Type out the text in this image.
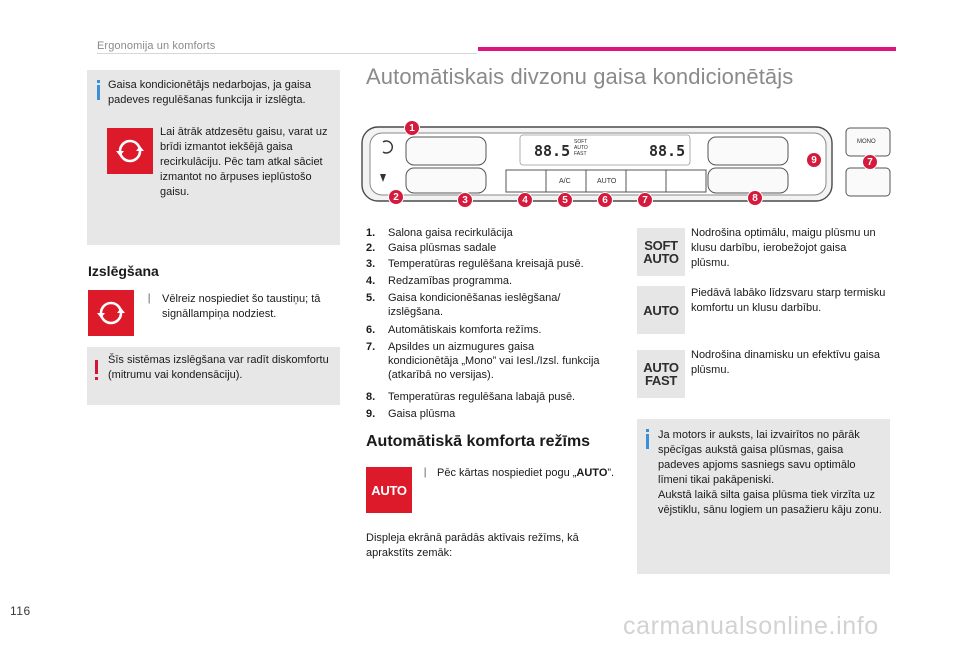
Ergonomija un komforts
Gaisa kondicionētājs nedarbojas, ja gaisa padeves regulēšanas funkcija ir izslēgta.
Lai ātrāk atdzesētu gaisu, varat uz brīdi izmantot iekšējā gaisa recirkulāciju. Pēc tam atkal sāciet izmantot no ārpuses ieplūstošo gaisu.
Izslēgšana
❘ Vēlreiz nospiediet šo taustiņu; tā signāllampiņa nodziest.
Šīs sistēmas izslēgšana var radīt diskomfortu (mitrumu vai kondensāciju).
Automātiskais divzonu gaisa kondicionētājs
88.5 SOFT
AUTO
FAST	88.5
A/C	AUTO
MONO
1
2	3	4	5	6	7	8
9	7
1.	Salona gaisa recirkulācija
2.	Gaisa plūsmas sadale
3.	Temperatūras regulēšana kreisajā pusē.
4.	Redzamības programma.
5.	Gaisa kondicionēšanas ieslēgšana/ izslēgšana.
6.	Automātiskais komforta režīms.
7.	Apsildes un aizmugures gaisa kondicionētāja „Mono” vai Iesl./Izsl. funkcija (atkarībā no versijas).
8.	Temperatūras regulēšana labajā pusē.
9.	Gaisa plūsma
Automātiskā komforta režīms
AUTO
❘ Pēc kārtas nospiediet pogu „AUTO”.
Displeja ekrānā parādās aktīvais režīms, kā aprakstīts zemāk:
SOFT
AUTO
Nodrošina optimālu, maigu plūsmu un klusu darbību, ierobežojot gaisa plūsmu.
AUTO
Piedāvā labāko līdzsvaru starp termisku komfortu un klusu darbību.
AUTO
FAST
Nodrošina dinamisku un efektīvu gaisa plūsmu.
Ja motors ir auksts, lai izvairītos no pārāk spēcīgas aukstā gaisa plūsmas, gaisa padeves apjoms sasniegs savu optimālo līmeni tikai pakāpeniski.
Aukstā laikā silta gaisa plūsma tiek virzīta uz vējstiklu, sānu logiem un pasažieru kāju zonu.
116
carmanualsonline.info
